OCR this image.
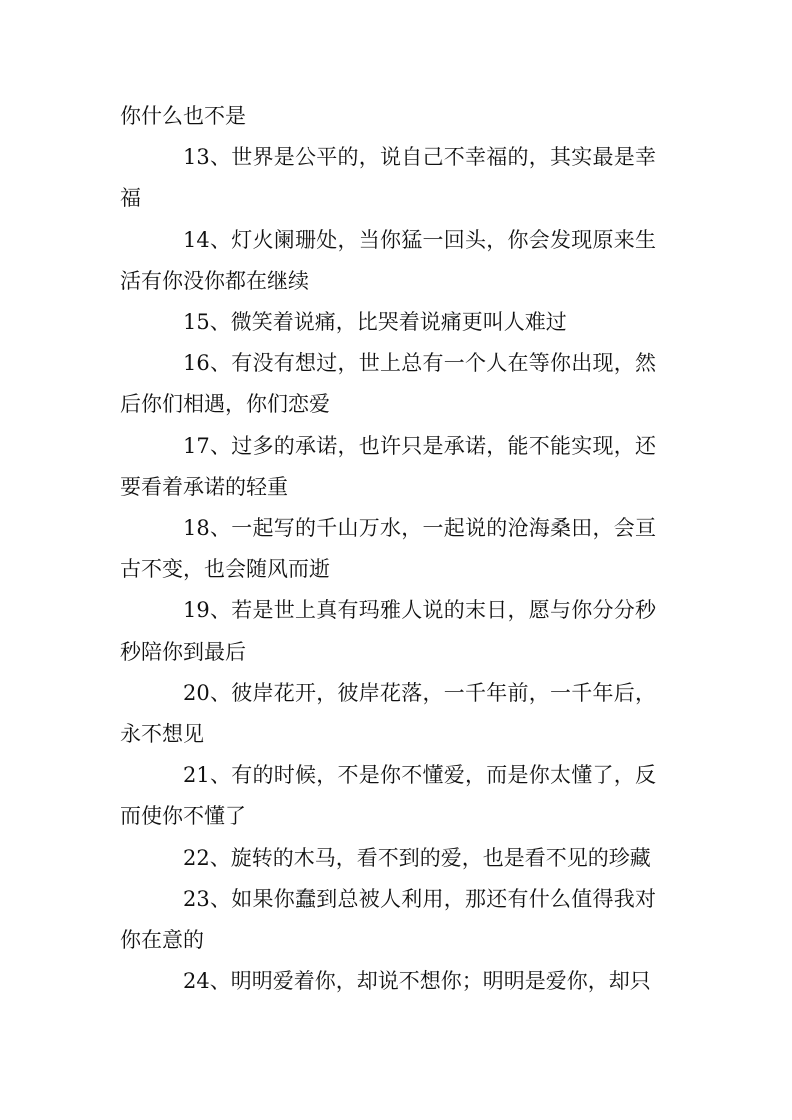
你什么也不是

13、世界是公平的，说自己不幸福的，其实最是幸福

14、灯火阑珊处，当你猛一回头，你会发现原来生活有你没你都在继续

15、微笑着说痛，比哭着说痛更叫人难过

16、有没有想过，世上总有一个人在等你出现，然后你们相遇，你们恋爱

17、过多的承诺，也许只是承诺，能不能实现，还要看着承诺的轻重

18、一起写的千山万水，一起说的沧海桑田，会亘古不变，也会随风而逝

19、若是世上真有玛雅人说的末日，愿与你分分秒秒陪你到最后

20、彼岸花开，彼岸花落，一千年前，一千年后，永不想见

21、有的时候，不是你不懂爱，而是你太懂了，反而使你不懂了

22、旋转的木马，看不到的爱，也是看不见的珍藏

23、如果你蠢到总被人利用，那还有什么值得我对你在意的

24、明明爱着你，却说不想你；明明是爱你，却只
